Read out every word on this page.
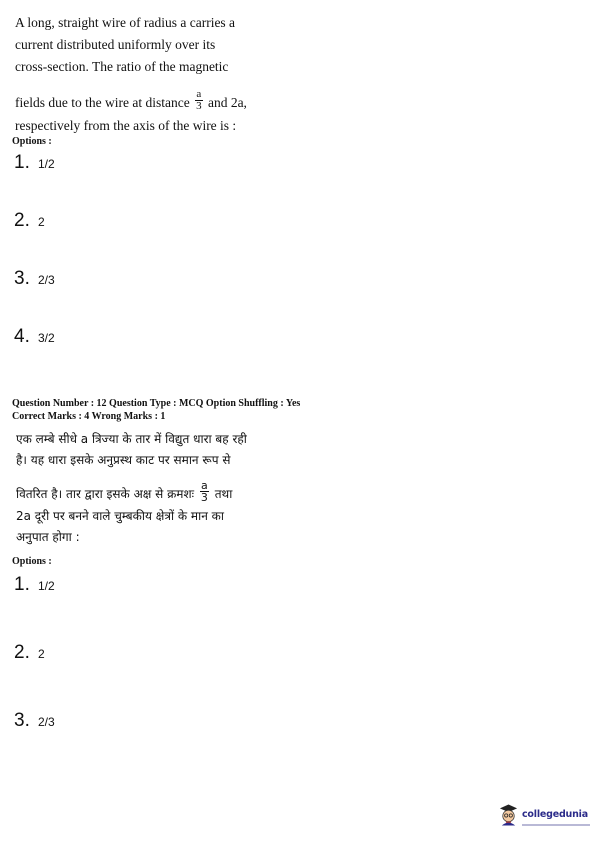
A long, straight wire of radius a carries a
current distributed uniformly over its
cross-section. The ratio of the magnetic
fields due to the wire at distance $\frac{a}{3}$ and 2a,
respectively from the axis of the wire is :
Options :
1. 1/2
2. 2
3. 2/3
4. 3/2
Question Number : 12 Question Type : MCQ Option Shuffling : Yes
Correct Marks : 4 Wrong Marks : 1
एक लम्बे सीधे a त्रिज्या के तार में विद्युत धारा बह रही
है। यह धारा इसके अनुप्रस्थ काट पर समान रूप से
वितरित है। तार द्वारा इसके अक्ष से क्रमशः $\frac{a}{3}$ तथा
2a दूरी पर बनने वाले चुम्बकीय क्षेत्रों के मान का
अनुपात होगा :
Options :
1. 1/2
2. 2
3. 2/3
collegedunia
